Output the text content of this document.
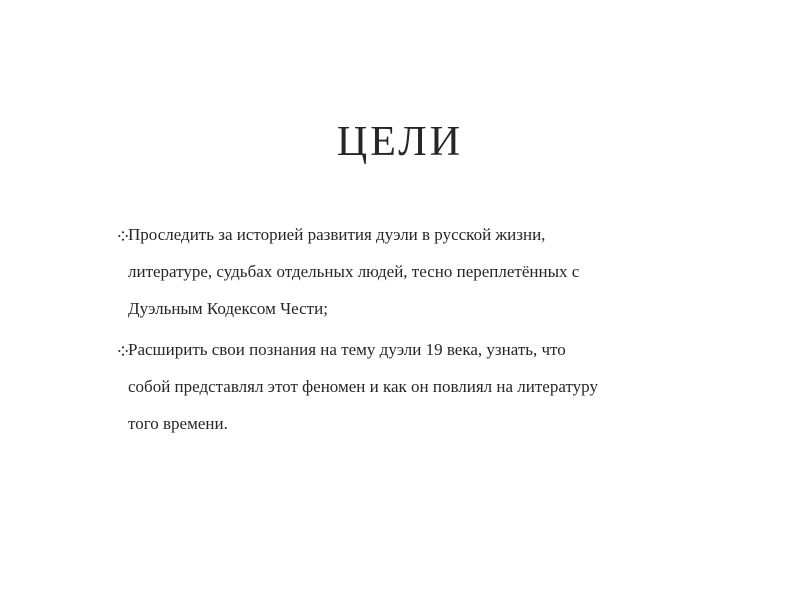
ЦЕЛИ
Проследить за историей развития дуэли в русской жизни,
литературе, судьбах отдельных людей, тесно переплетённых с
Дуэльным Кодексом Чести;
Расширить свои познания на тему дуэли 19 века, узнать, что
собой представлял этот феномен и как он повлиял на литературу
того времени.
